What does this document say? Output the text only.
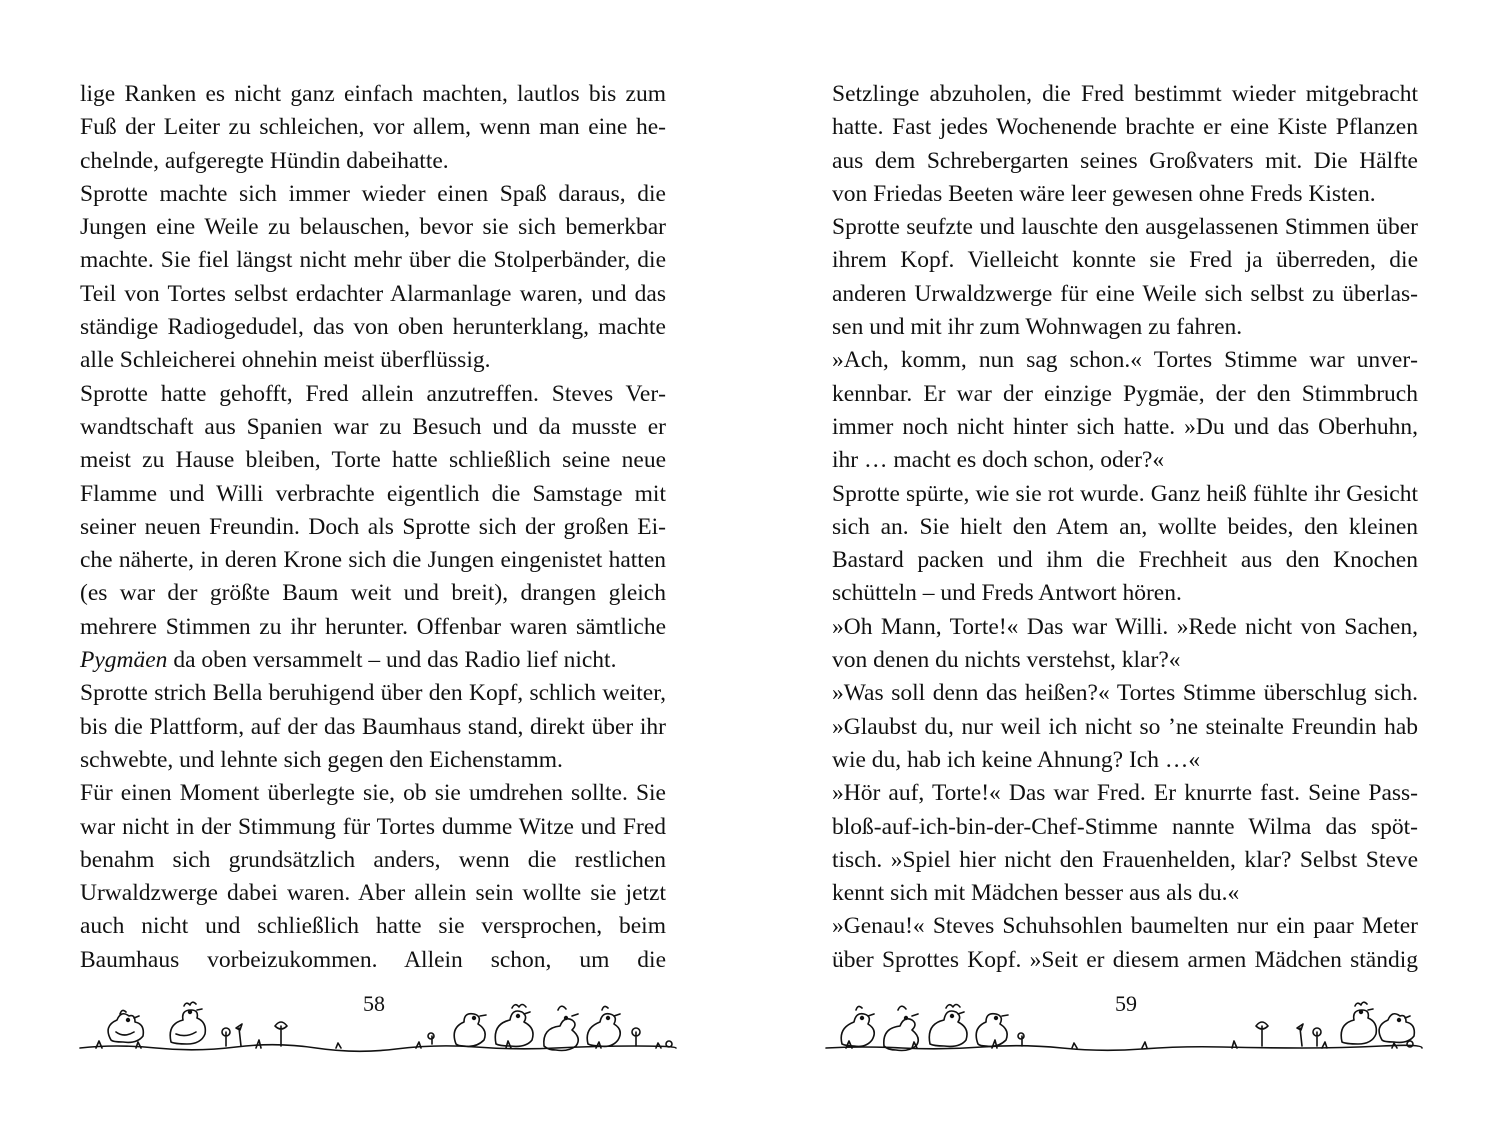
lige Ranken es nicht ganz einfach machten, lautlos bis zum Fuß der Leiter zu schleichen, vor allem, wenn man eine hechelnde, aufgeregte Hündin dabeihatte.

Sprotte machte sich immer wieder einen Spaß daraus, die Jungen eine Weile zu belauschen, bevor sie sich bemerkbar machte. Sie fiel längst nicht mehr über die Stolperbänder, die Teil von Tortes selbst erdachter Alarmanlage waren, und das ständige Radiogedudel, das von oben herunterklang, machte alle Schleicherei ohnehin meist überflüssig.

Sprotte hatte gehofft, Fred allein anzutreffen. Steves Verwandtschaft aus Spanien war zu Besuch und da musste er meist zu Hause bleiben, Torte hatte schließlich seine neue Flamme und Willi verbrachte eigentlich die Samstage mit seiner neuen Freundin. Doch als Sprotte sich der großen Eiche näherte, in deren Krone sich die Jungen eingenistet hatten (es war der größte Baum weit und breit), drangen gleich mehrere Stimmen zu ihr herunter. Offenbar waren sämtliche Pygmäen da oben versammelt – und das Radio lief nicht.

Sprotte strich Bella beruhigend über den Kopf, schlich weiter, bis die Plattform, auf der das Baumhaus stand, direkt über ihr schwebte, und lehnte sich gegen den Eichenstamm.

Für einen Moment überlegte sie, ob sie umdrehen sollte. Sie war nicht in der Stimmung für Tortes dumme Witze und Fred benahm sich grundsätzlich anders, wenn die restlichen Urwaldzwerge dabei waren. Aber allein sein wollte sie jetzt auch nicht und schließlich hatte sie versprochen, beim Baumhaus vorbeizukommen. Allein schon, um die

58

Setzlinge abzuholen, die Fred bestimmt wieder mitgebracht hatte. Fast jedes Wochenende brachte er eine Kiste Pflanzen aus dem Schrebergarten seines Großvaters mit. Die Hälfte von Friedas Beeten wäre leer gewesen ohne Freds Kisten.

Sprotte seufzte und lauschte den ausgelassenen Stimmen über ihrem Kopf. Vielleicht konnte sie Fred ja überreden, die anderen Urwaldzwerge für eine Weile sich selbst zu überlassen und mit ihr zum Wohnwagen zu fahren.

»Ach, komm, nun sag schon.« Tortes Stimme war unverkennbar. Er war der einzige Pygmäe, der den Stimmbruch immer noch nicht hinter sich hatte. »Du und das Oberhuhn, ihr … macht es doch schon, oder?«

Sprotte spürte, wie sie rot wurde. Ganz heiß fühlte ihr Gesicht sich an. Sie hielt den Atem an, wollte beides, den kleinen Bastard packen und ihm die Frechheit aus den Knochen schütteln – und Freds Antwort hören.

»Oh Mann, Torte!« Das war Willi. »Rede nicht von Sachen, von denen du nichts verstehst, klar?«

»Was soll denn das heißen?« Tortes Stimme überschlug sich. »Glaubst du, nur weil ich nicht so ’ne steinalte Freundin hab wie du, hab ich keine Ahnung? Ich …«

»Hör auf, Torte!« Das war Fred. Er knurrte fast. Seine Passbloß-auf-ich-bin-der-Chef-Stimme nannte Wilma das spöttisch. »Spiel hier nicht den Frauenhelden, klar? Selbst Steve kennt sich mit Mädchen besser aus als du.«

»Genau!« Steves Schuhsohlen baumelten nur ein paar Meter über Sprottes Kopf. »Seit er diesem armen Mädchen ständig

59
